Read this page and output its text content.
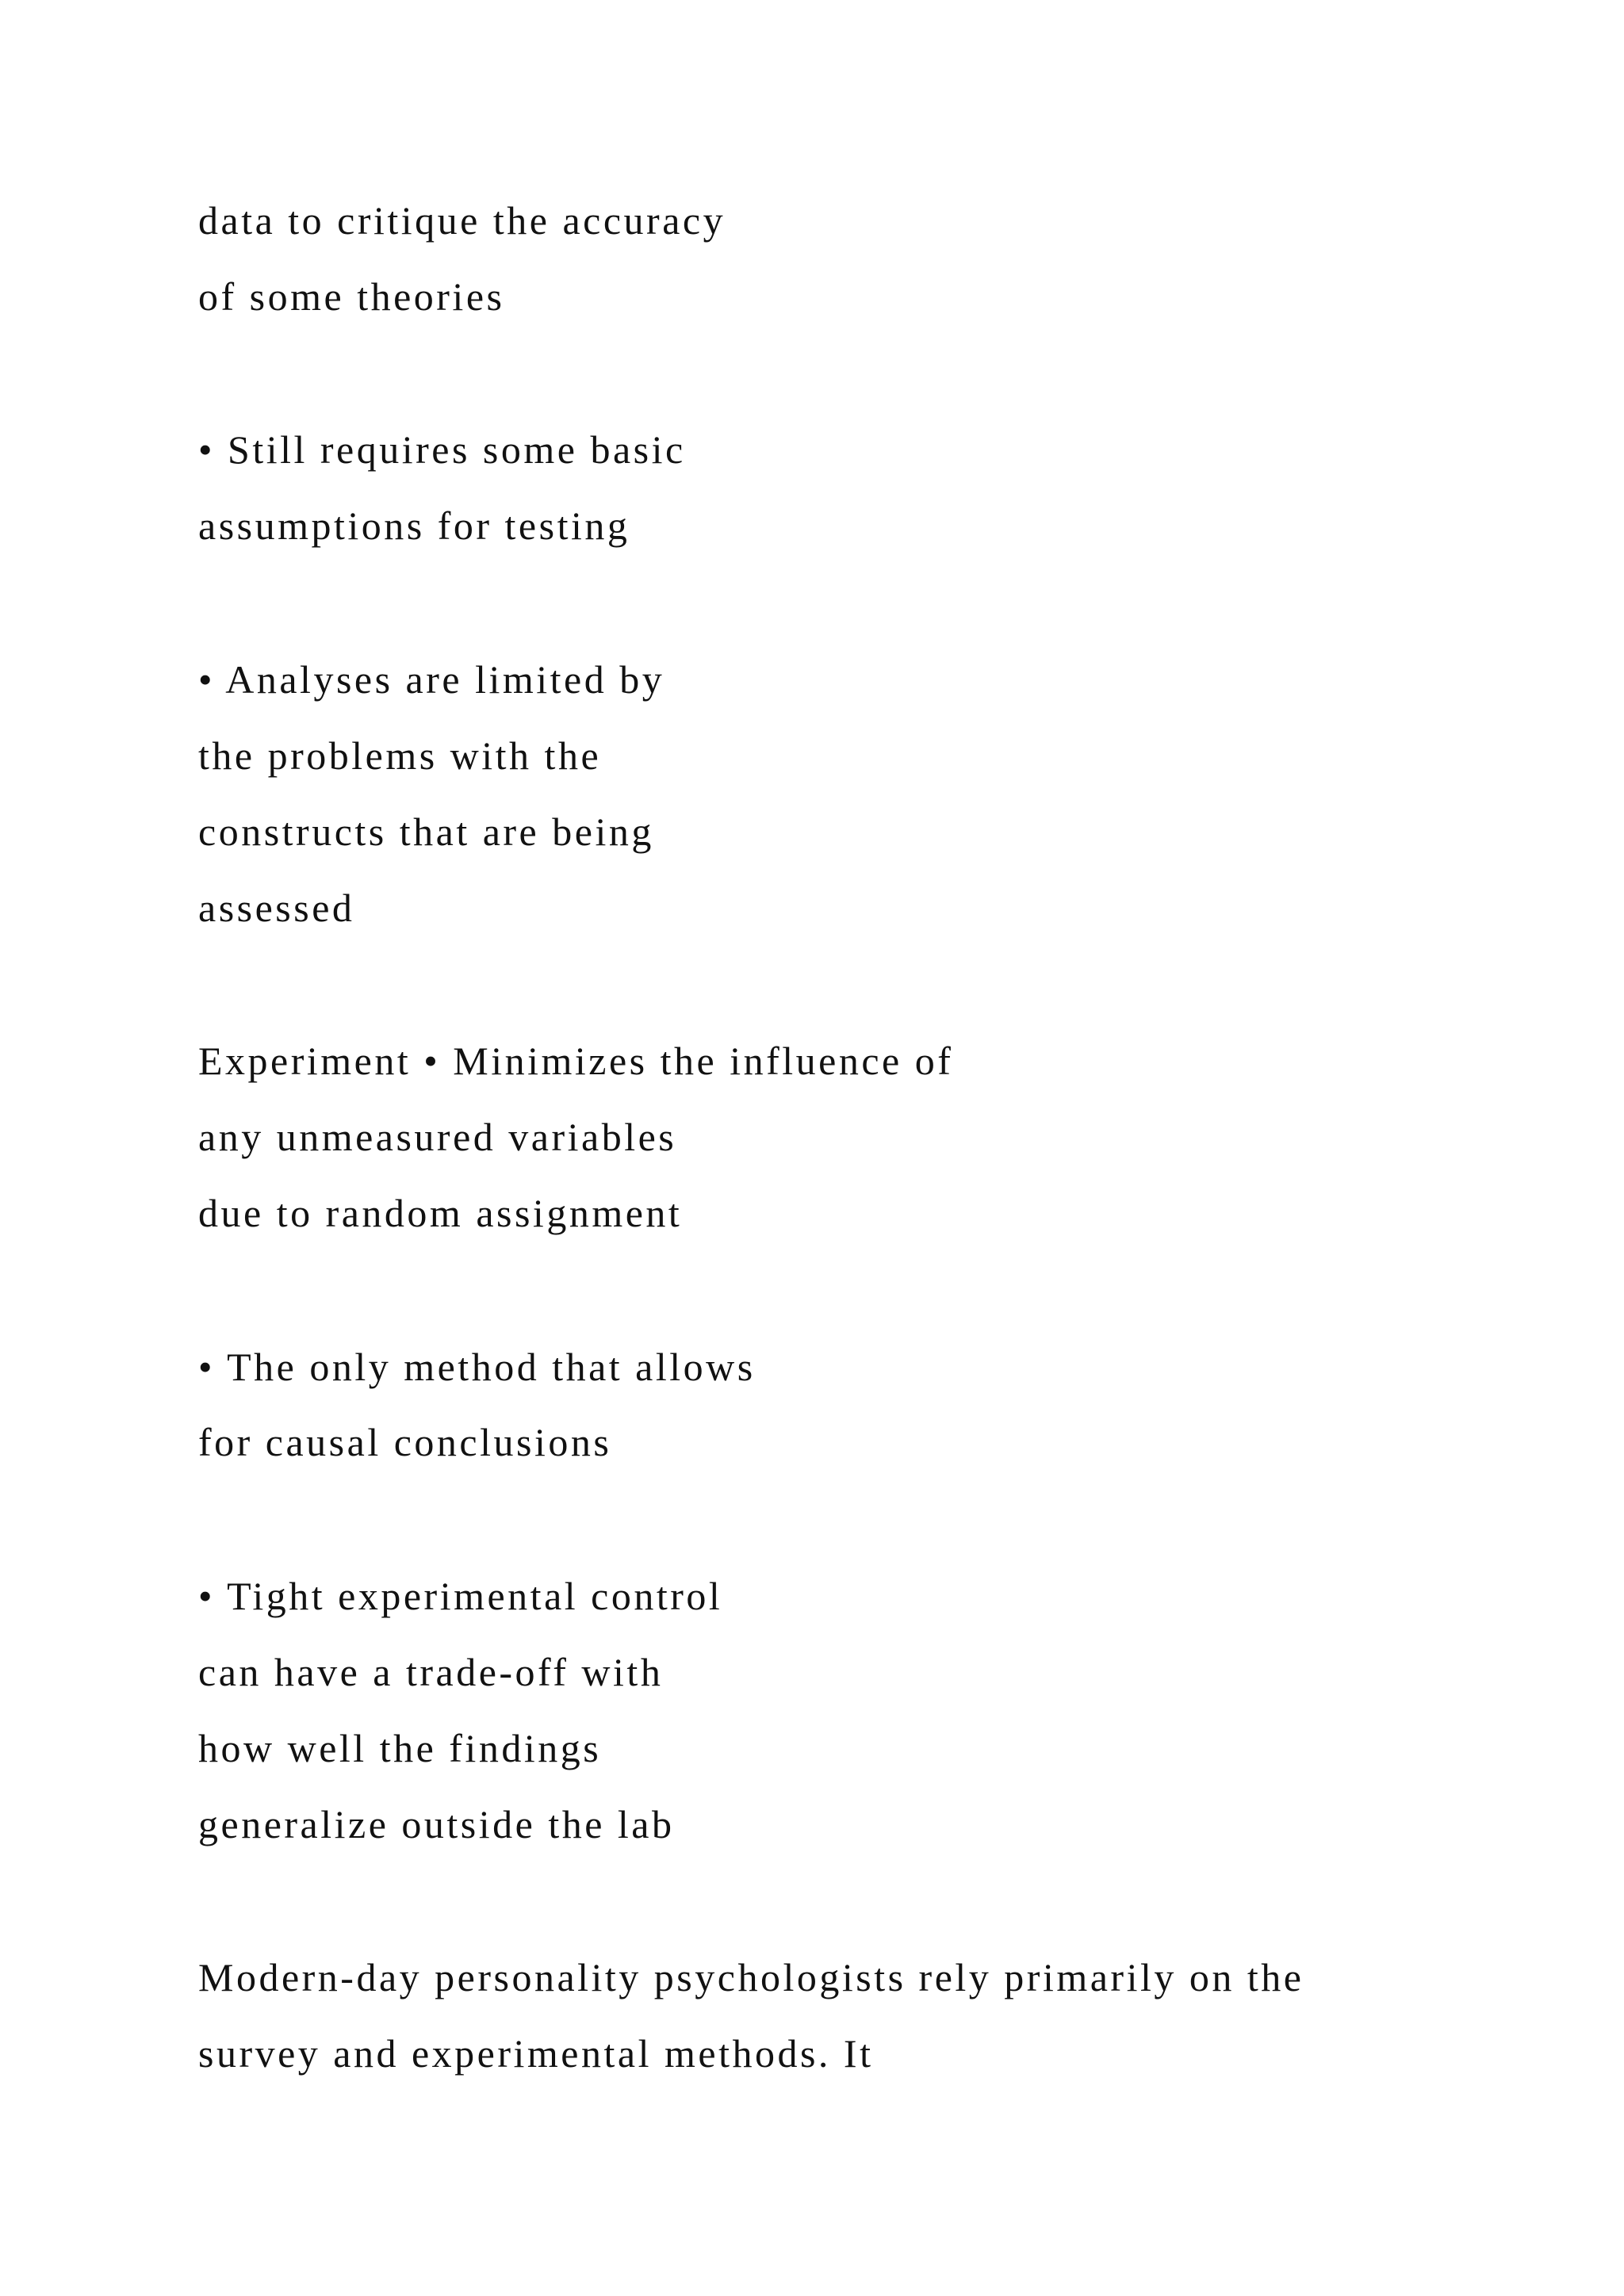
data to critique the accuracy
of some theories
• Still requires some basic
assumptions for testing
• Analyses are limited by
the problems with the
constructs that are being
assessed
Experiment • Minimizes the influence of
any unmeasured variables
due to random assignment
• The only method that allows
for causal conclusions
• Tight experimental control
can have a trade-off with
how well the findings
generalize outside the lab
Modern-day personality psychologists rely primarily on the
survey and experimental methods. It
